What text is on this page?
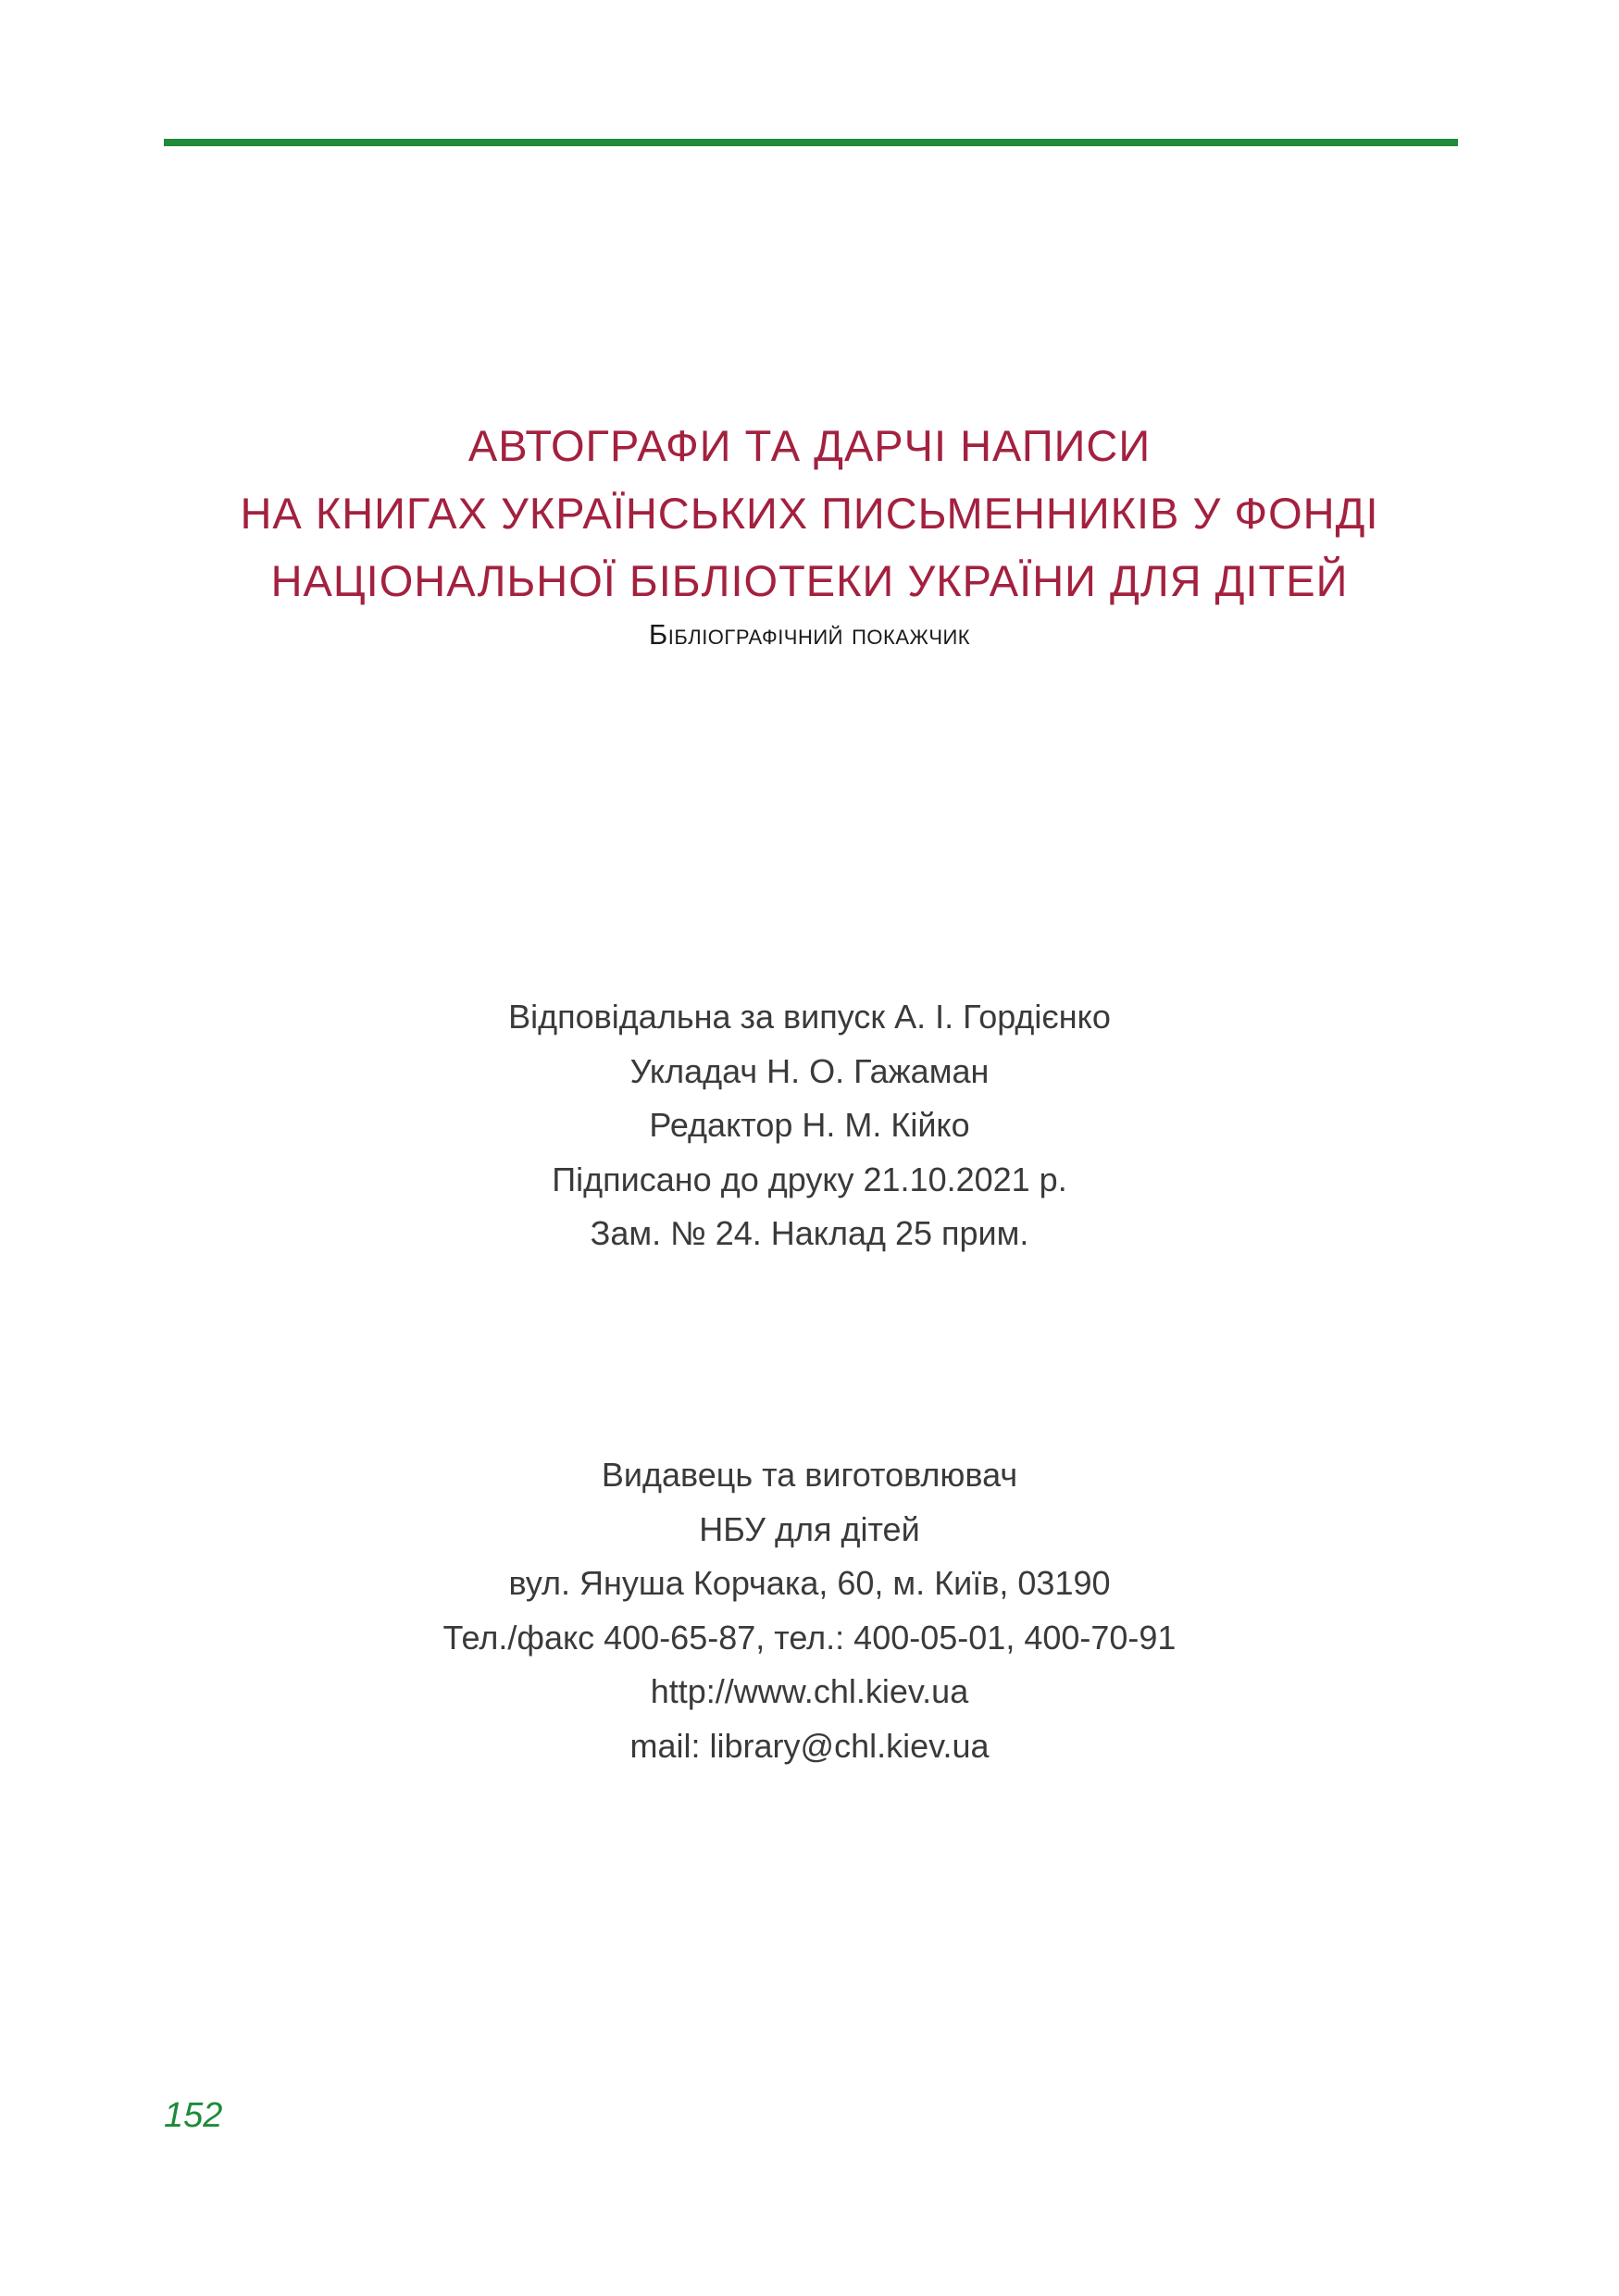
АВТОГРАФИ ТА ДАРЧІ НАПИСИ
НА КНИГАХ УКРАЇНСЬКИХ ПИСЬМЕННИКІВ У ФОНДІ
НАЦІОНАЛЬНОЇ БІБЛІОТЕКИ УКРАЇНИ ДЛЯ ДІТЕЙ
Бібліографічний покажчик
Відповідальна за випуск А. І. Гордієнко
Укладач Н. О. Гажаман
Редактор Н. М. Кійко
Підписано до друку 21.10.2021 р.
Зам. № 24. Наклад 25 прим.
Видавець та виготовлювач
НБУ для дітей
вул. Януша Корчака, 60, м. Київ, 03190
Тел./факс 400-65-87, тел.: 400-05-01, 400-70-91
http://www.chl.kiev.ua
mail: library@chl.kiev.ua
152
